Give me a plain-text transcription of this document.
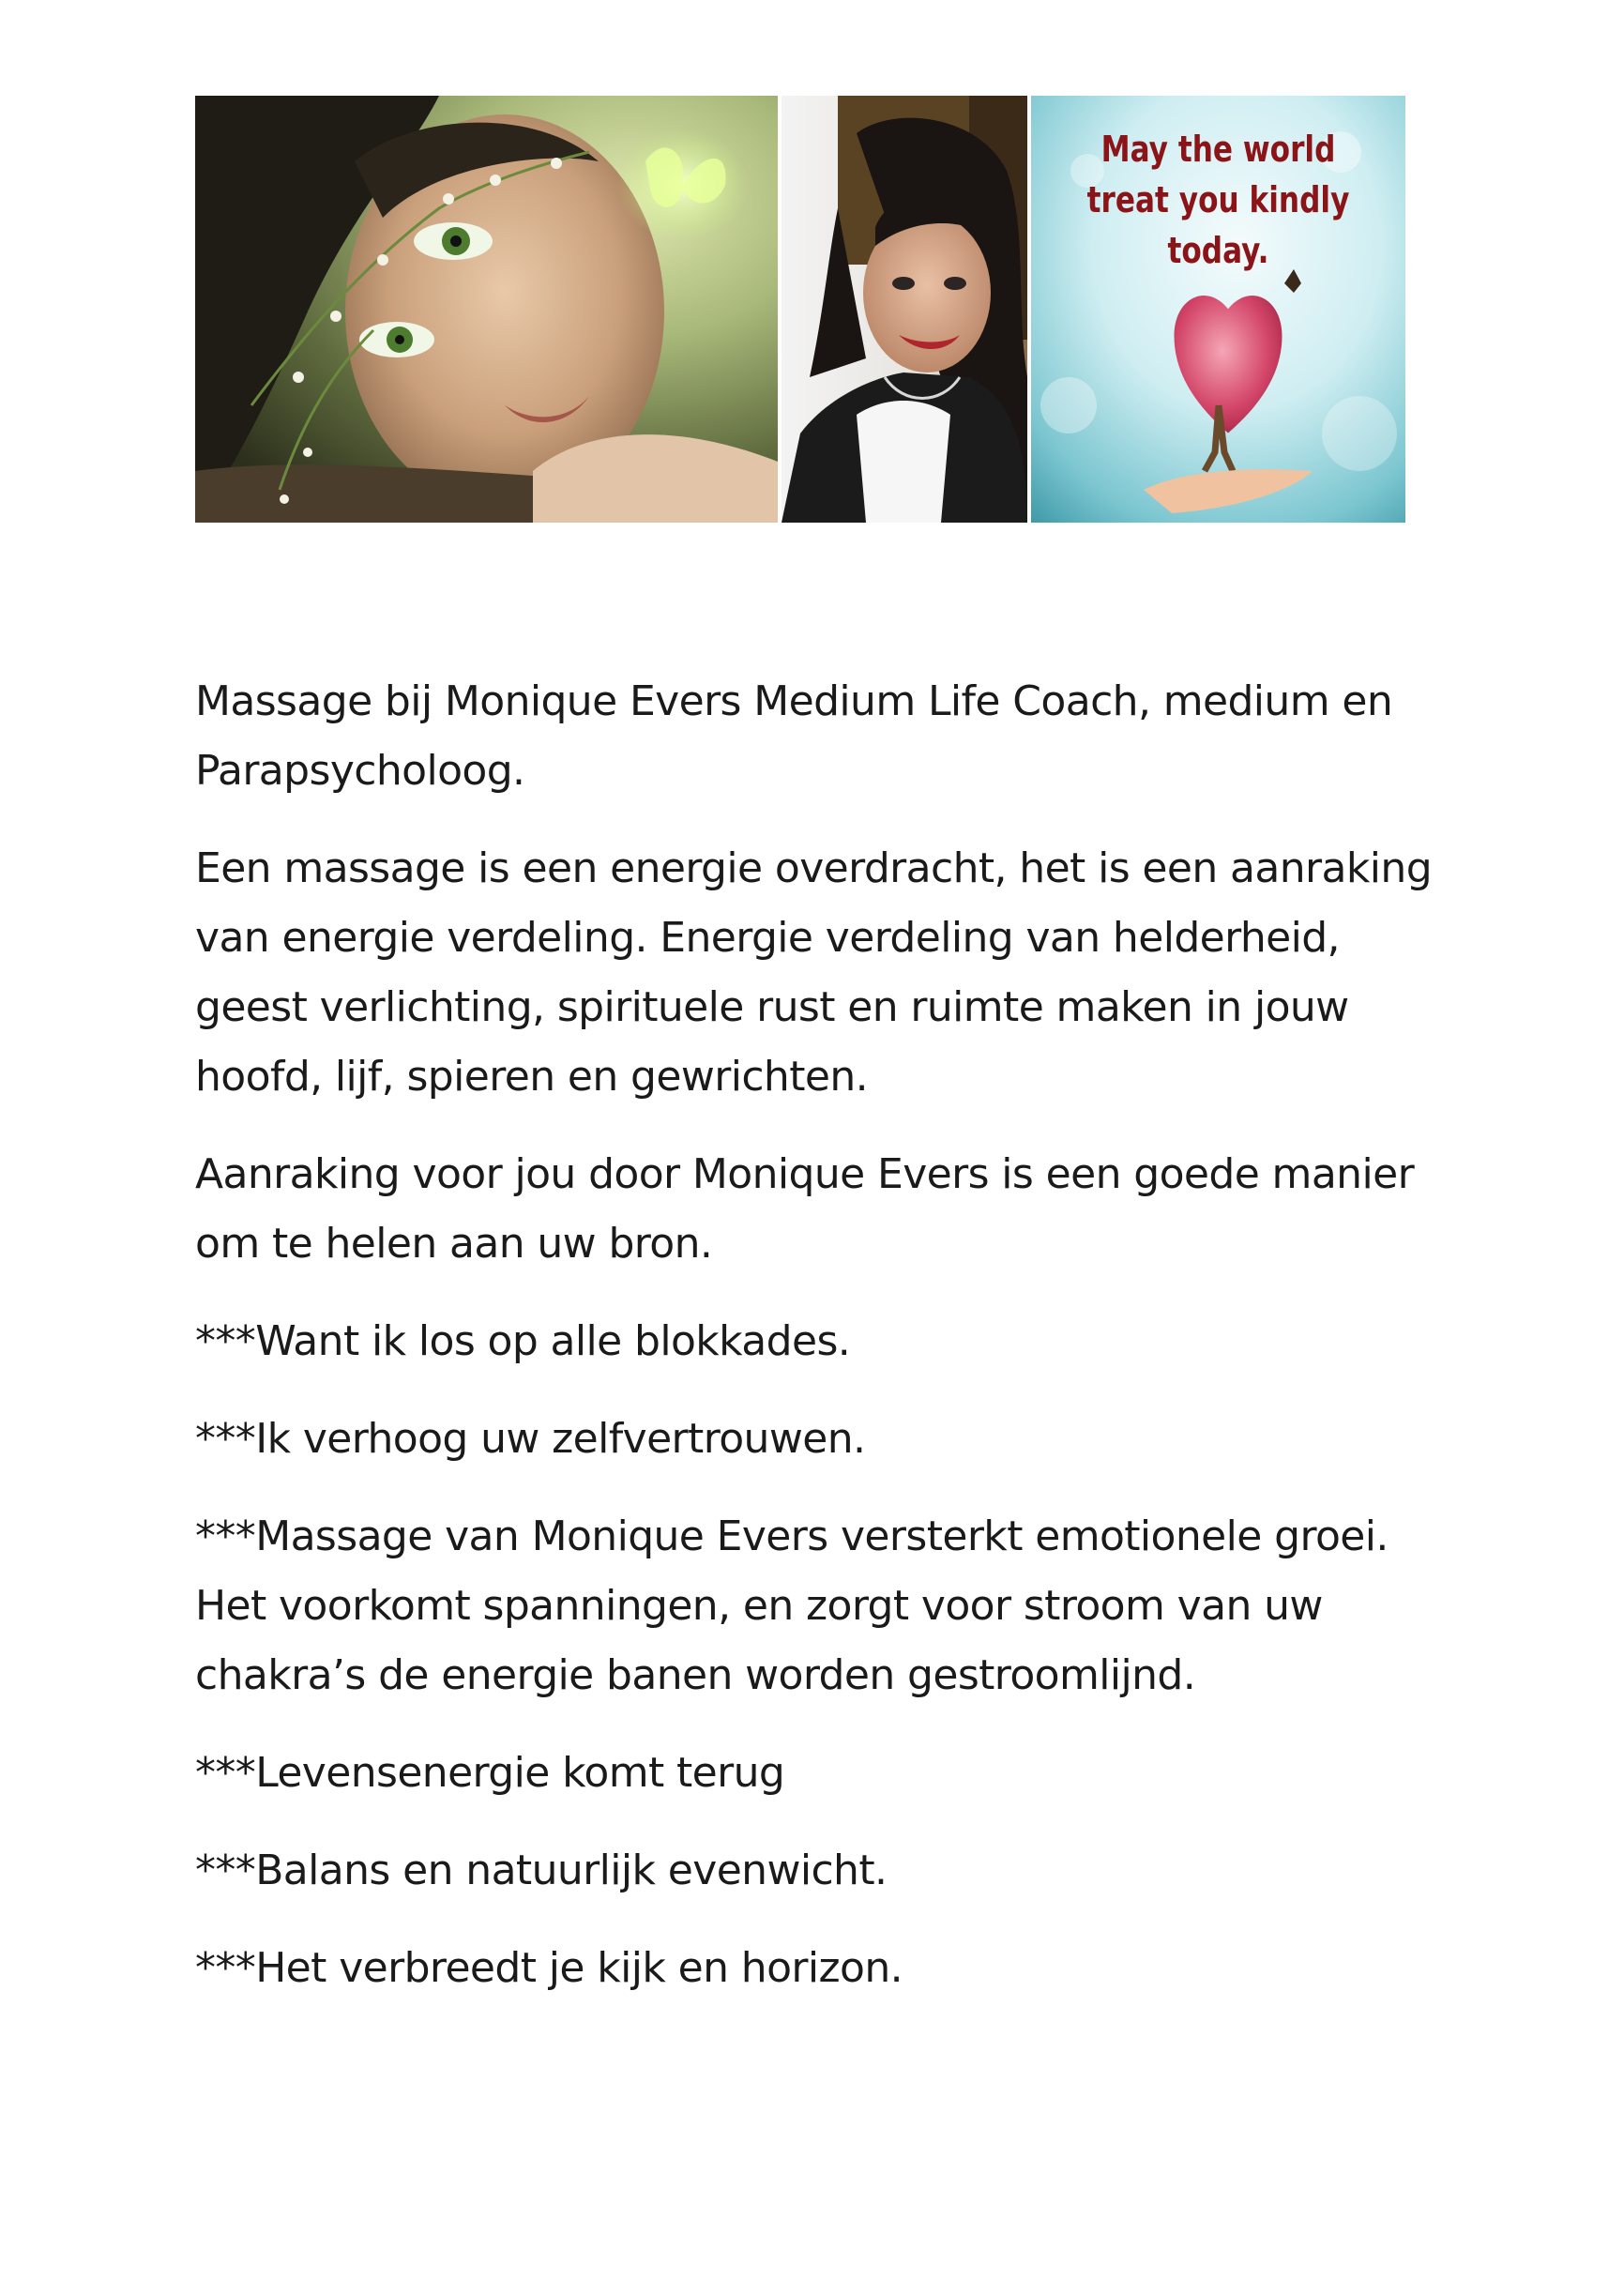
May the world
treat you kindly today.

Massage bij Monique Evers Medium Life Coach, medium en Parapsycholoog.

Een massage is een energie overdracht, het is een aanraking van energie verdeling. Energie verdeling van helderheid, geest verlichting, spirituele rust en ruimte maken in jouw hoofd, lijf, spieren en gewrichten.

Aanraking voor jou door Monique Evers is een goede manier om te helen aan uw bron.

***Want ik los op alle blokkades.

***Ik verhoog uw zelfvertrouwen.

***Massage van Monique Evers versterkt emotionele groei. Het voorkomt spanningen, en zorgt voor stroom van uw chakra’s de energie banen worden gestroomlijnd.

***Levensenergie komt terug

***Balans en natuurlijk evenwicht.

***Het verbreedt je kijk en horizon.
